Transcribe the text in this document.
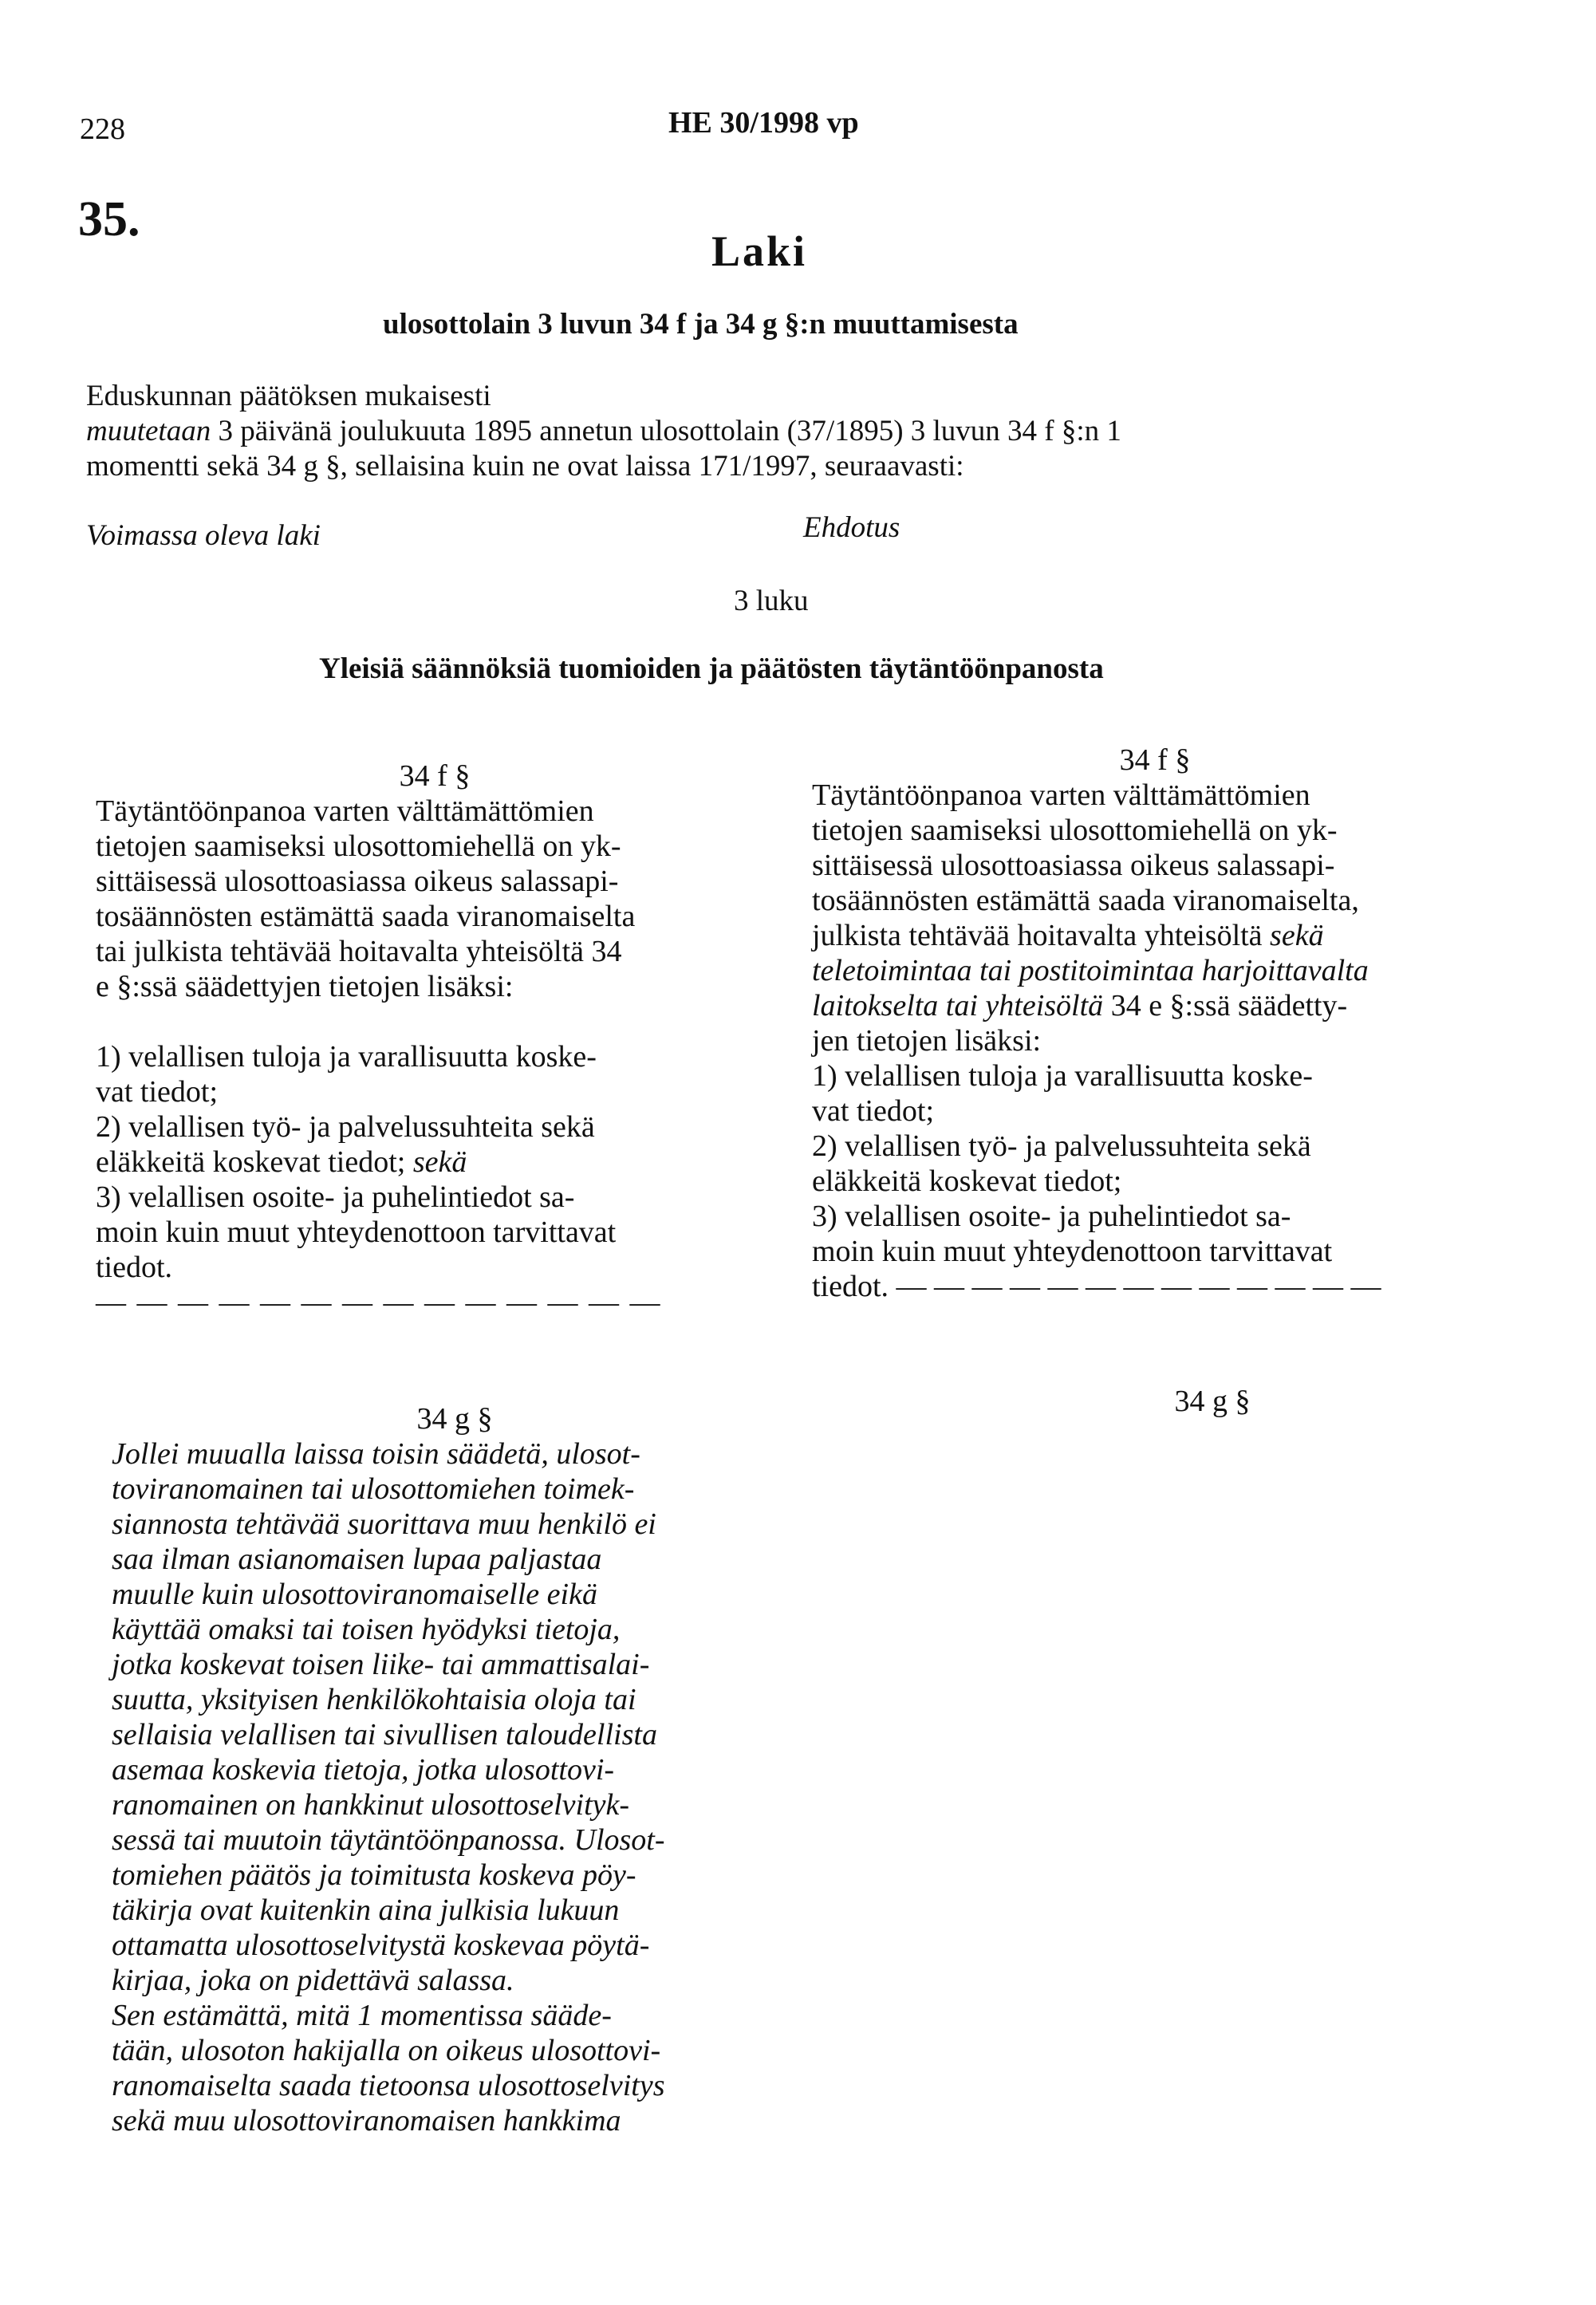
228	HE 30/1998 vp
35.
Laki
ulosottolain 3 luvun 34 f ja 34 g §:n muuttamisesta
Eduskunnan päätöksen mukaisesti
muutetaan 3 päivänä joulukuuta 1895 annetun ulosottolain (37/1895) 3 luvun 34 f §:n 1
momentti sekä 34 g §, sellaisina kuin ne ovat laissa 171/1997, seuraavasti:
Voimassa oleva laki	Ehdotus
3 luku
Yleisiä säännöksiä tuomioiden ja päätösten täytäntöönpanosta
34 f §
Täytäntöönpanoa varten välttämättömien
tietojen saamiseksi ulosottomiehellä on yk-
sittäisessä ulosottoasiassa oikeus salassapi-
tosäännösten estämättä saada viranomaiselta
tai julkista tehtävää hoitavalta yhteisöltä 34
e §:ssä säädettyjen tietojen lisäksi:
1) velallisen tuloja ja varallisuutta koske-
vat tiedot;
2) velallisen työ- ja palvelussuhteita sekä
eläkkeitä koskevat tiedot; sekä
3) velallisen osoite- ja puhelintiedot sa-
moin kuin muut yhteydenottoon tarvittavat
tiedot.
— — — — — — — — — — — — — —
34 f §
Täytäntöönpanoa varten välttämättömien
tietojen saamiseksi ulosottomiehellä on yk-
sittäisessä ulosottoasiassa oikeus salassapi-
tosäännösten estämättä saada viranomaiselta,
julkista tehtävää hoitavalta yhteisöltä sekä
teletoimintaa tai postitoimintaa harjoittavalta
laitokselta tai yhteisöltä 34 e §:ssä säädetty-
jen tietojen lisäksi:
1) velallisen tuloja ja varallisuutta koske-
vat tiedot;
2) velallisen työ- ja palvelussuhteita sekä
eläkkeitä koskevat tiedot;
3) velallisen osoite- ja puhelintiedot sa-
moin kuin muut yhteydenottoon tarvittavat
tiedot. — — — — — — — — — — — — —
34 g §
Jollei muualla laissa toisin säädetä, ulosot-
toviranomainen tai ulosottomiehen toimek-
siannosta tehtävää suorittava muu henkilö ei
saa ilman asianomaisen lupaa paljastaa
muulle kuin ulosottoviranomaiselle eikä
käyttää omaksi tai toisen hyödyksi tietoja,
jotka koskevat toisen liike- tai ammattisalai-
suutta, yksityisen henkilökohtaisia oloja tai
sellaisia velallisen tai sivullisen taloudellista
asemaa koskevia tietoja, jotka ulosottovi-
ranomainen on hankkinut ulosottoselvityk-
sessä tai muutoin täytäntöönpanossa. Ulosot-
tomiehen päätös ja toimitusta koskeva pöy-
täkirja ovat kuitenkin aina julkisia lukuun
ottamatta ulosottoselvitystä koskevaa pöytä-
kirjaa, joka on pidettävä salassa.
Sen estämättä, mitä 1 momentissa sääde-
tään, ulosoton hakijalla on oikeus ulosottovi-
ranomaiselta saada tietoonsa ulosottoselvitys
sekä muu ulosottoviranomaisen hankkima
34 g §
